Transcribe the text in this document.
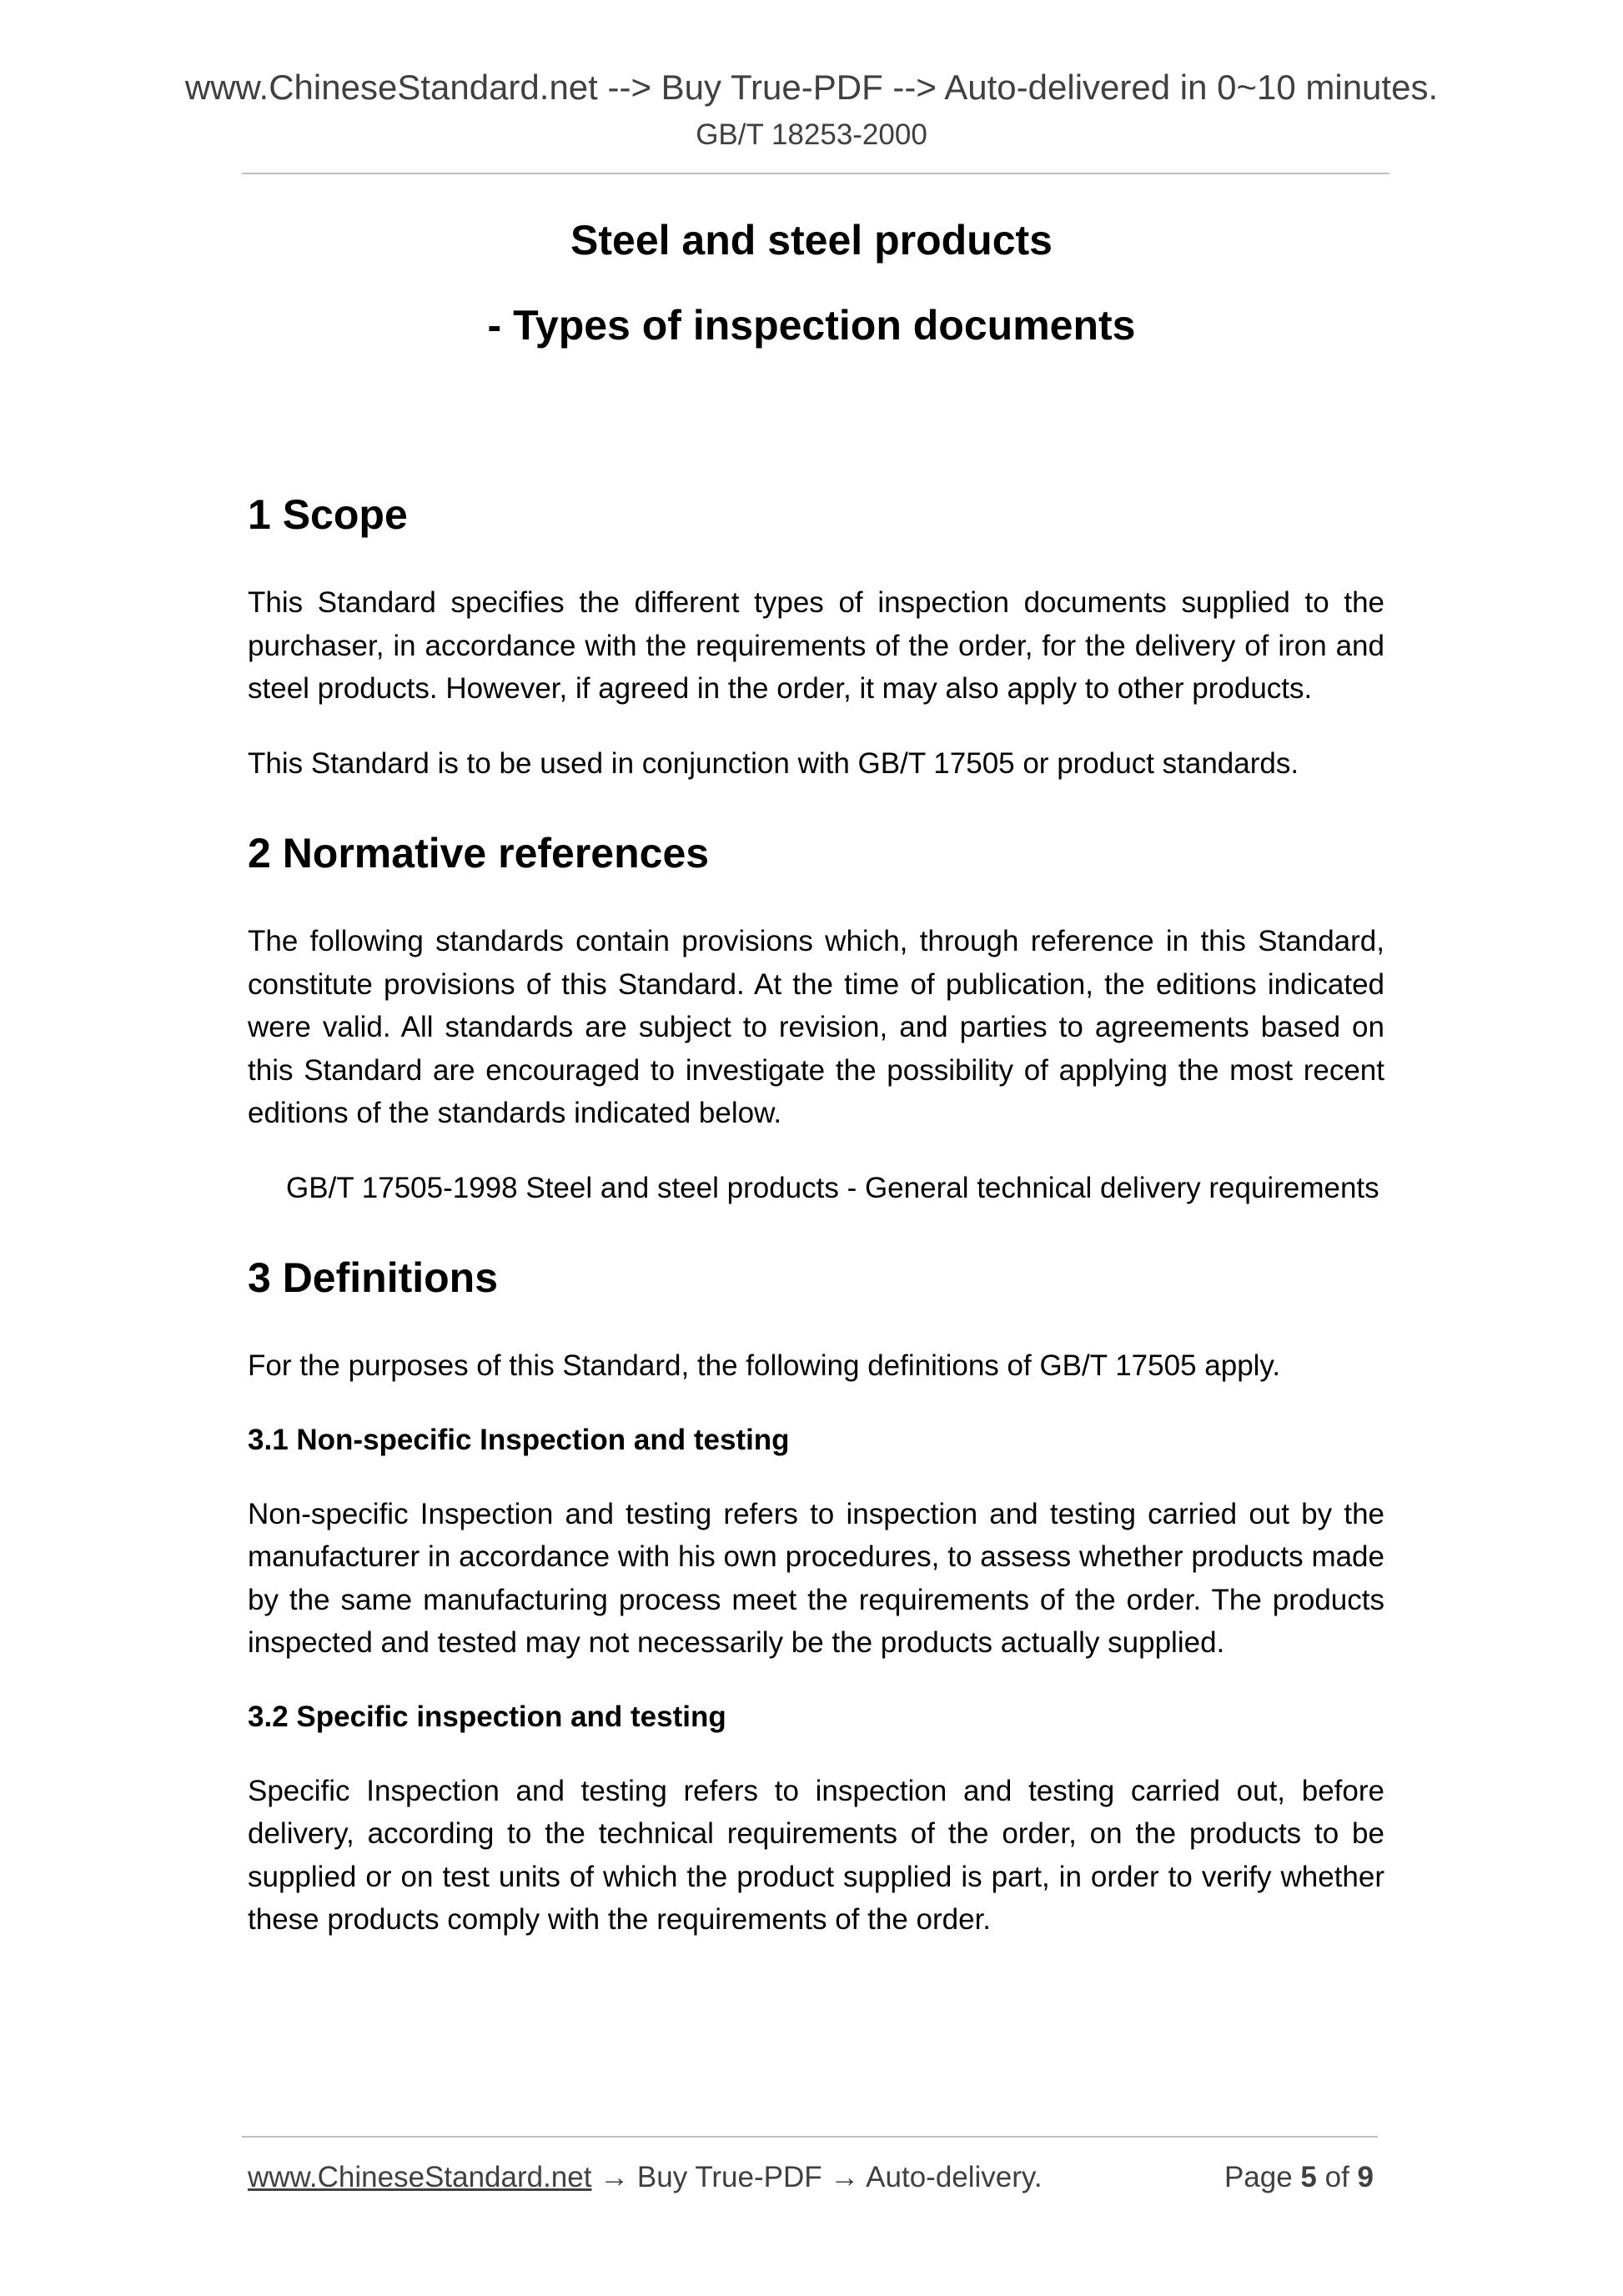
www.ChineseStandard.net --> Buy True-PDF --> Auto-delivered in 0~10 minutes.
GB/T 18253-2000
Steel and steel products
- Types of inspection documents
1 Scope

This Standard specifies the different types of inspection documents supplied to the purchaser, in accordance with the requirements of the order, for the delivery of iron and steel products. However, if agreed in the order, it may also apply to other products.

This Standard is to be used in conjunction with GB/T 17505 or product standards.

2 Normative references

The following standards contain provisions which, through reference in this Standard, constitute provisions of this Standard. At the time of publication, the editions indicated were valid. All standards are subject to revision, and parties to agreements based on this Standard are encouraged to investigate the possibility of applying the most recent editions of the standards indicated below.

GB/T 17505-1998 Steel and steel products - General technical delivery requirements

3 Definitions

For the purposes of this Standard, the following definitions of GB/T 17505 apply.

3.1 Non-specific Inspection and testing

Non-specific Inspection and testing refers to inspection and testing carried out by the manufacturer in accordance with his own procedures, to assess whether products made by the same manufacturing process meet the requirements of the order. The products inspected and tested may not necessarily be the products actually supplied.

3.2 Specific inspection and testing

Specific Inspection and testing refers to inspection and testing carried out, before delivery, according to the technical requirements of the order, on the products to be supplied or on test units of which the product supplied is part, in order to verify whether these products comply with the requirements of the order.

www.ChineseStandard.net → Buy True-PDF → Auto-delivery.	Page 5 of 9
